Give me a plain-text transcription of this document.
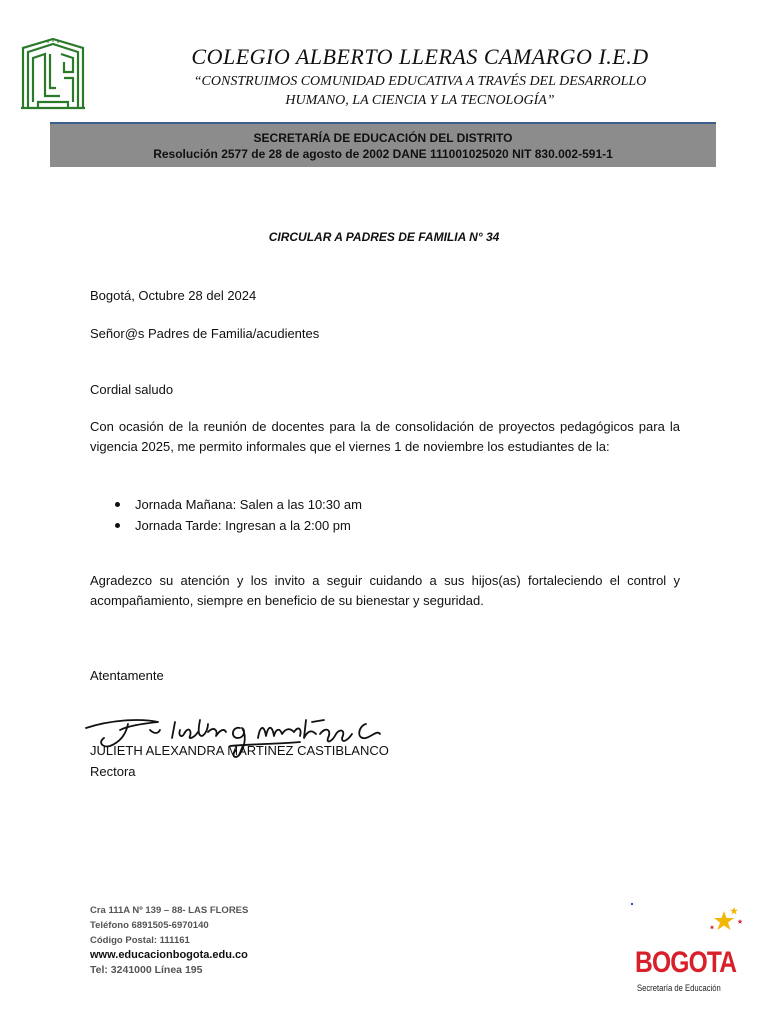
COLEGIO ALBERTO LLERAS CAMARGO I.E.D
“CONSTRUIMOS COMUNIDAD EDUCATIVA A TRAVÉS DEL DESARROLLO
HUMANO, LA CIENCIA Y LA TECNOLOGÍA”
SECRETARÍA DE EDUCACIÓN DEL DISTRITO
Resolución 2577 de 28 de agosto de 2002 DANE 111001025020 NIT 830.002-591-1
CIRCULAR A PADRES DE FAMILIA N° 34
Bogotá, Octubre 28 del 2024
Señor@s Padres de Familia/acudientes
Cordial saludo
Con ocasión de la reunión de docentes para la de consolidación de proyectos pedagógicos para la vigencia 2025, me permito informales que el viernes 1 de noviembre los estudiantes de la:
Jornada Mañana: Salen a las 10:30 am
Jornada Tarde: Ingresan a la 2:00 pm
Agradezco su atención y los invito a seguir cuidando a sus hijos(as) fortaleciendo el control y acompañamiento, siempre en beneficio de su bienestar y seguridad.
Atentamente
JULIETH ALEXANDRA MARTINEZ CASTIBLANCO
Rectora
Cra 111A Nº 139 – 88- LAS FLORES
Teléfono 6891505-6970140
Código Postal: 111161
www.educacionbogota.edu.co
Tel: 3241000 Línea 195	BOGOTA
Secretaría de Educación
